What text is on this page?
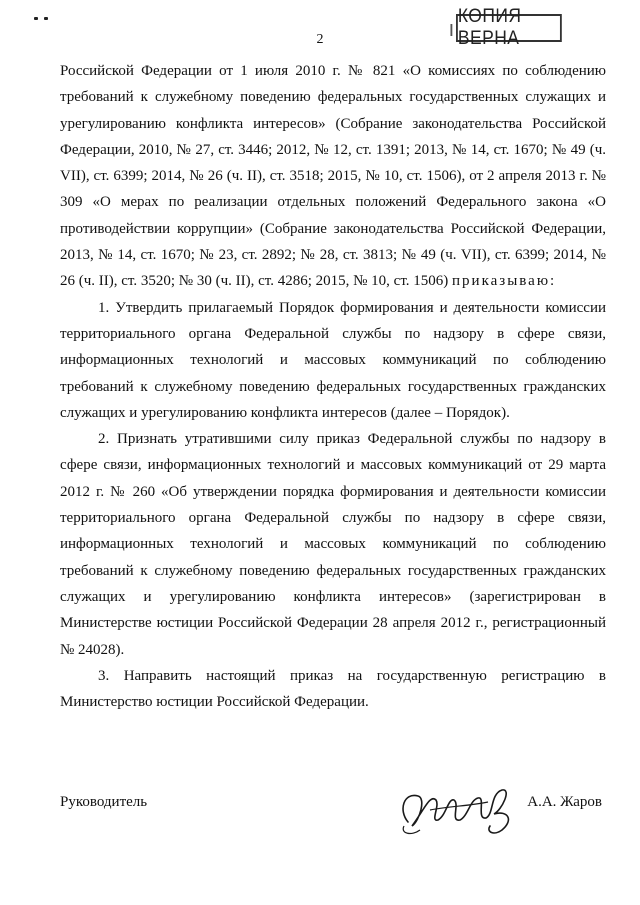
2
КОПИЯ ВЕРНА

Российской Федерации от 1 июля 2010 г. № 821 «О комиссиях по соблюдению требований к служебному поведению федеральных государственных служащих и урегулированию конфликта интересов» (Собрание законодательства Российской Федерации, 2010, № 27, ст. 3446; 2012, № 12, ст. 1391; 2013, № 14, ст. 1670; № 49 (ч. VII), ст. 6399; 2014, № 26 (ч. II), ст. 3518; 2015, № 10, ст. 1506), от 2 апреля 2013 г. № 309 «О мерах по реализации отдельных положений Федерального закона «О противодействии коррупции» (Собрание законодательства Российской Федерации, 2013, № 14, ст. 1670; № 23, ст. 2892; № 28, ст. 3813; № 49 (ч. VII), ст. 6399; 2014, № 26 (ч. II), ст. 3520; № 30 (ч. II), ст. 4286; 2015, № 10, ст. 1506) приказываю:

1. Утвердить прилагаемый Порядок формирования и деятельности комиссии территориального органа Федеральной службы по надзору в сфере связи, информационных технологий и массовых коммуникаций по соблюдению требований к служебному поведению федеральных государственных гражданских служащих и урегулированию конфликта интересов (далее – Порядок).

2. Признать утратившими силу приказ Федеральной службы по надзору в сфере связи, информационных технологий и массовых коммуникаций от 29 марта 2012 г. № 260 «Об утверждении порядка формирования и деятельности комиссии территориального органа Федеральной службы по надзору в сфере связи, информационных технологий и массовых коммуникаций по соблюдению требований к служебному поведению федеральных государственных гражданских служащих и урегулированию конфликта интересов» (зарегистрирован в Министерстве юстиции Российской Федерации 28 апреля 2012 г., регистрационный № 24028).

3. Направить настоящий приказ на государственную регистрацию в Министерство юстиции Российской Федерации.

Руководитель	А.А. Жаров
